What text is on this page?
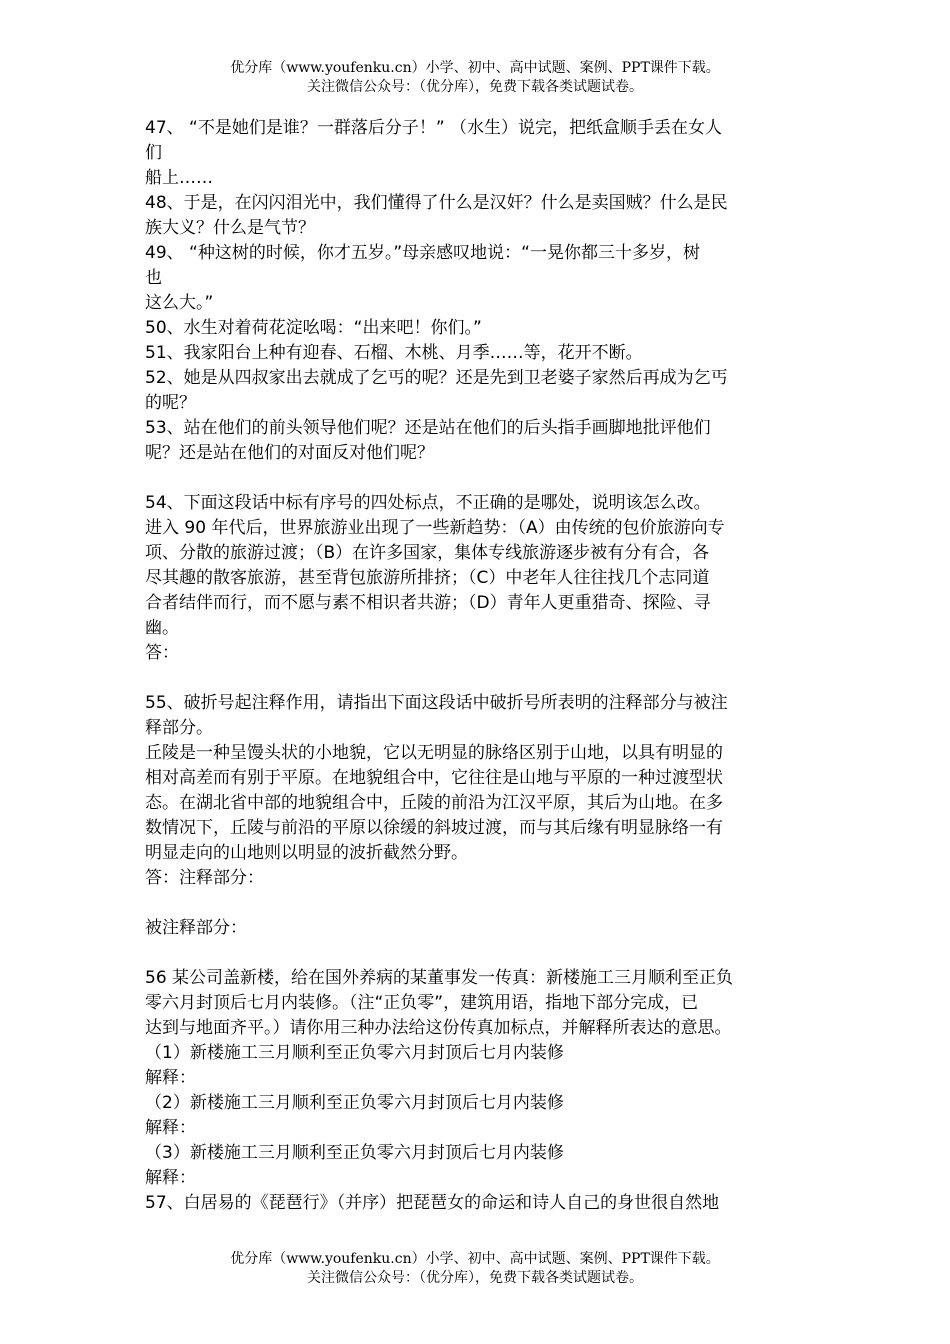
优分库（www.youfenku.cn）小学、初中、高中试题、案例、PPT课件下载。
关注微信公众号：（优分库），免费下载各类试题试卷。
47、 “不是她们是谁？一群落后分子！” （水生）说完，把纸盒顺手丢在女人
们
船上……
48、于是，在闪闪泪光中，我们懂得了什么是汉奸？什么是卖国贼？什么是民
族大义？什么是气节？
49、 “种这树的时候，你才五岁。”母亲感叹地说：“一晃你都三十多岁，树
也
这么大。”
50、水生对着荷花淀吆喝：“出来吧！你们。”
51、我家阳台上种有迎春、石榴、木桃、月季……等，花开不断。
52、她是从四叔家出去就成了乞丐的呢？还是先到卫老婆子家然后再成为乞丐
的呢？
53、站在他们的前头领导他们呢？还是站在他们的后头指手画脚地批评他们
呢？还是站在他们的对面反对他们呢？
54、下面这段话中标有序号的四处标点，不正确的是哪处，说明该怎么改。
进入 90 年代后，世界旅游业出现了一些新趋势：（A）由传统的包价旅游向专
项、分散的旅游过渡；（B）在许多国家，集体专线旅游逐步被有分有合，各
尽其趣的散客旅游，甚至背包旅游所排挤；（C）中老年人往往找几个志同道
合者结伴而行，而不愿与素不相识者共游；（D）青年人更重猎奇、探险、寻
幽。
答：
55、破折号起注释作用，请指出下面这段话中破折号所表明的注释部分与被注
释部分。
丘陵是一种呈馒头状的小地貌，它以无明显的脉络区别于山地，以具有明显的
相对高差而有别于平原。在地貌组合中，它往往是山地与平原的一种过渡型状
态。在湖北省中部的地貌组合中，丘陵的前沿为江汉平原，其后为山地。在多
数情况下，丘陵与前沿的平原以徐缓的斜坡过渡，而与其后缘有明显脉络一有
明显走向的山地则以明显的波折截然分野。
答：注释部分：
被注释部分：
56 某公司盖新楼，给在国外养病的某董事发一传真：新楼施工三月顺利至正负
零六月封顶后七月内装修。（注“正负零”，建筑用语，指地下部分完成，已
达到与地面齐平。）请你用三种办法给这份传真加标点，并解释所表达的意思。
（1）新楼施工三月顺利至正负零六月封顶后七月内装修
解释：
（2）新楼施工三月顺利至正负零六月封顶后七月内装修
解释：
（3）新楼施工三月顺利至正负零六月封顶后七月内装修
解释：
57、白居易的《琵琶行》（并序）把琵琶女的命运和诗人自己的身世很自然地
优分库（www.youfenku.cn）小学、初中、高中试题、案例、PPT课件下载。
关注微信公众号：（优分库），免费下载各类试题试卷。
